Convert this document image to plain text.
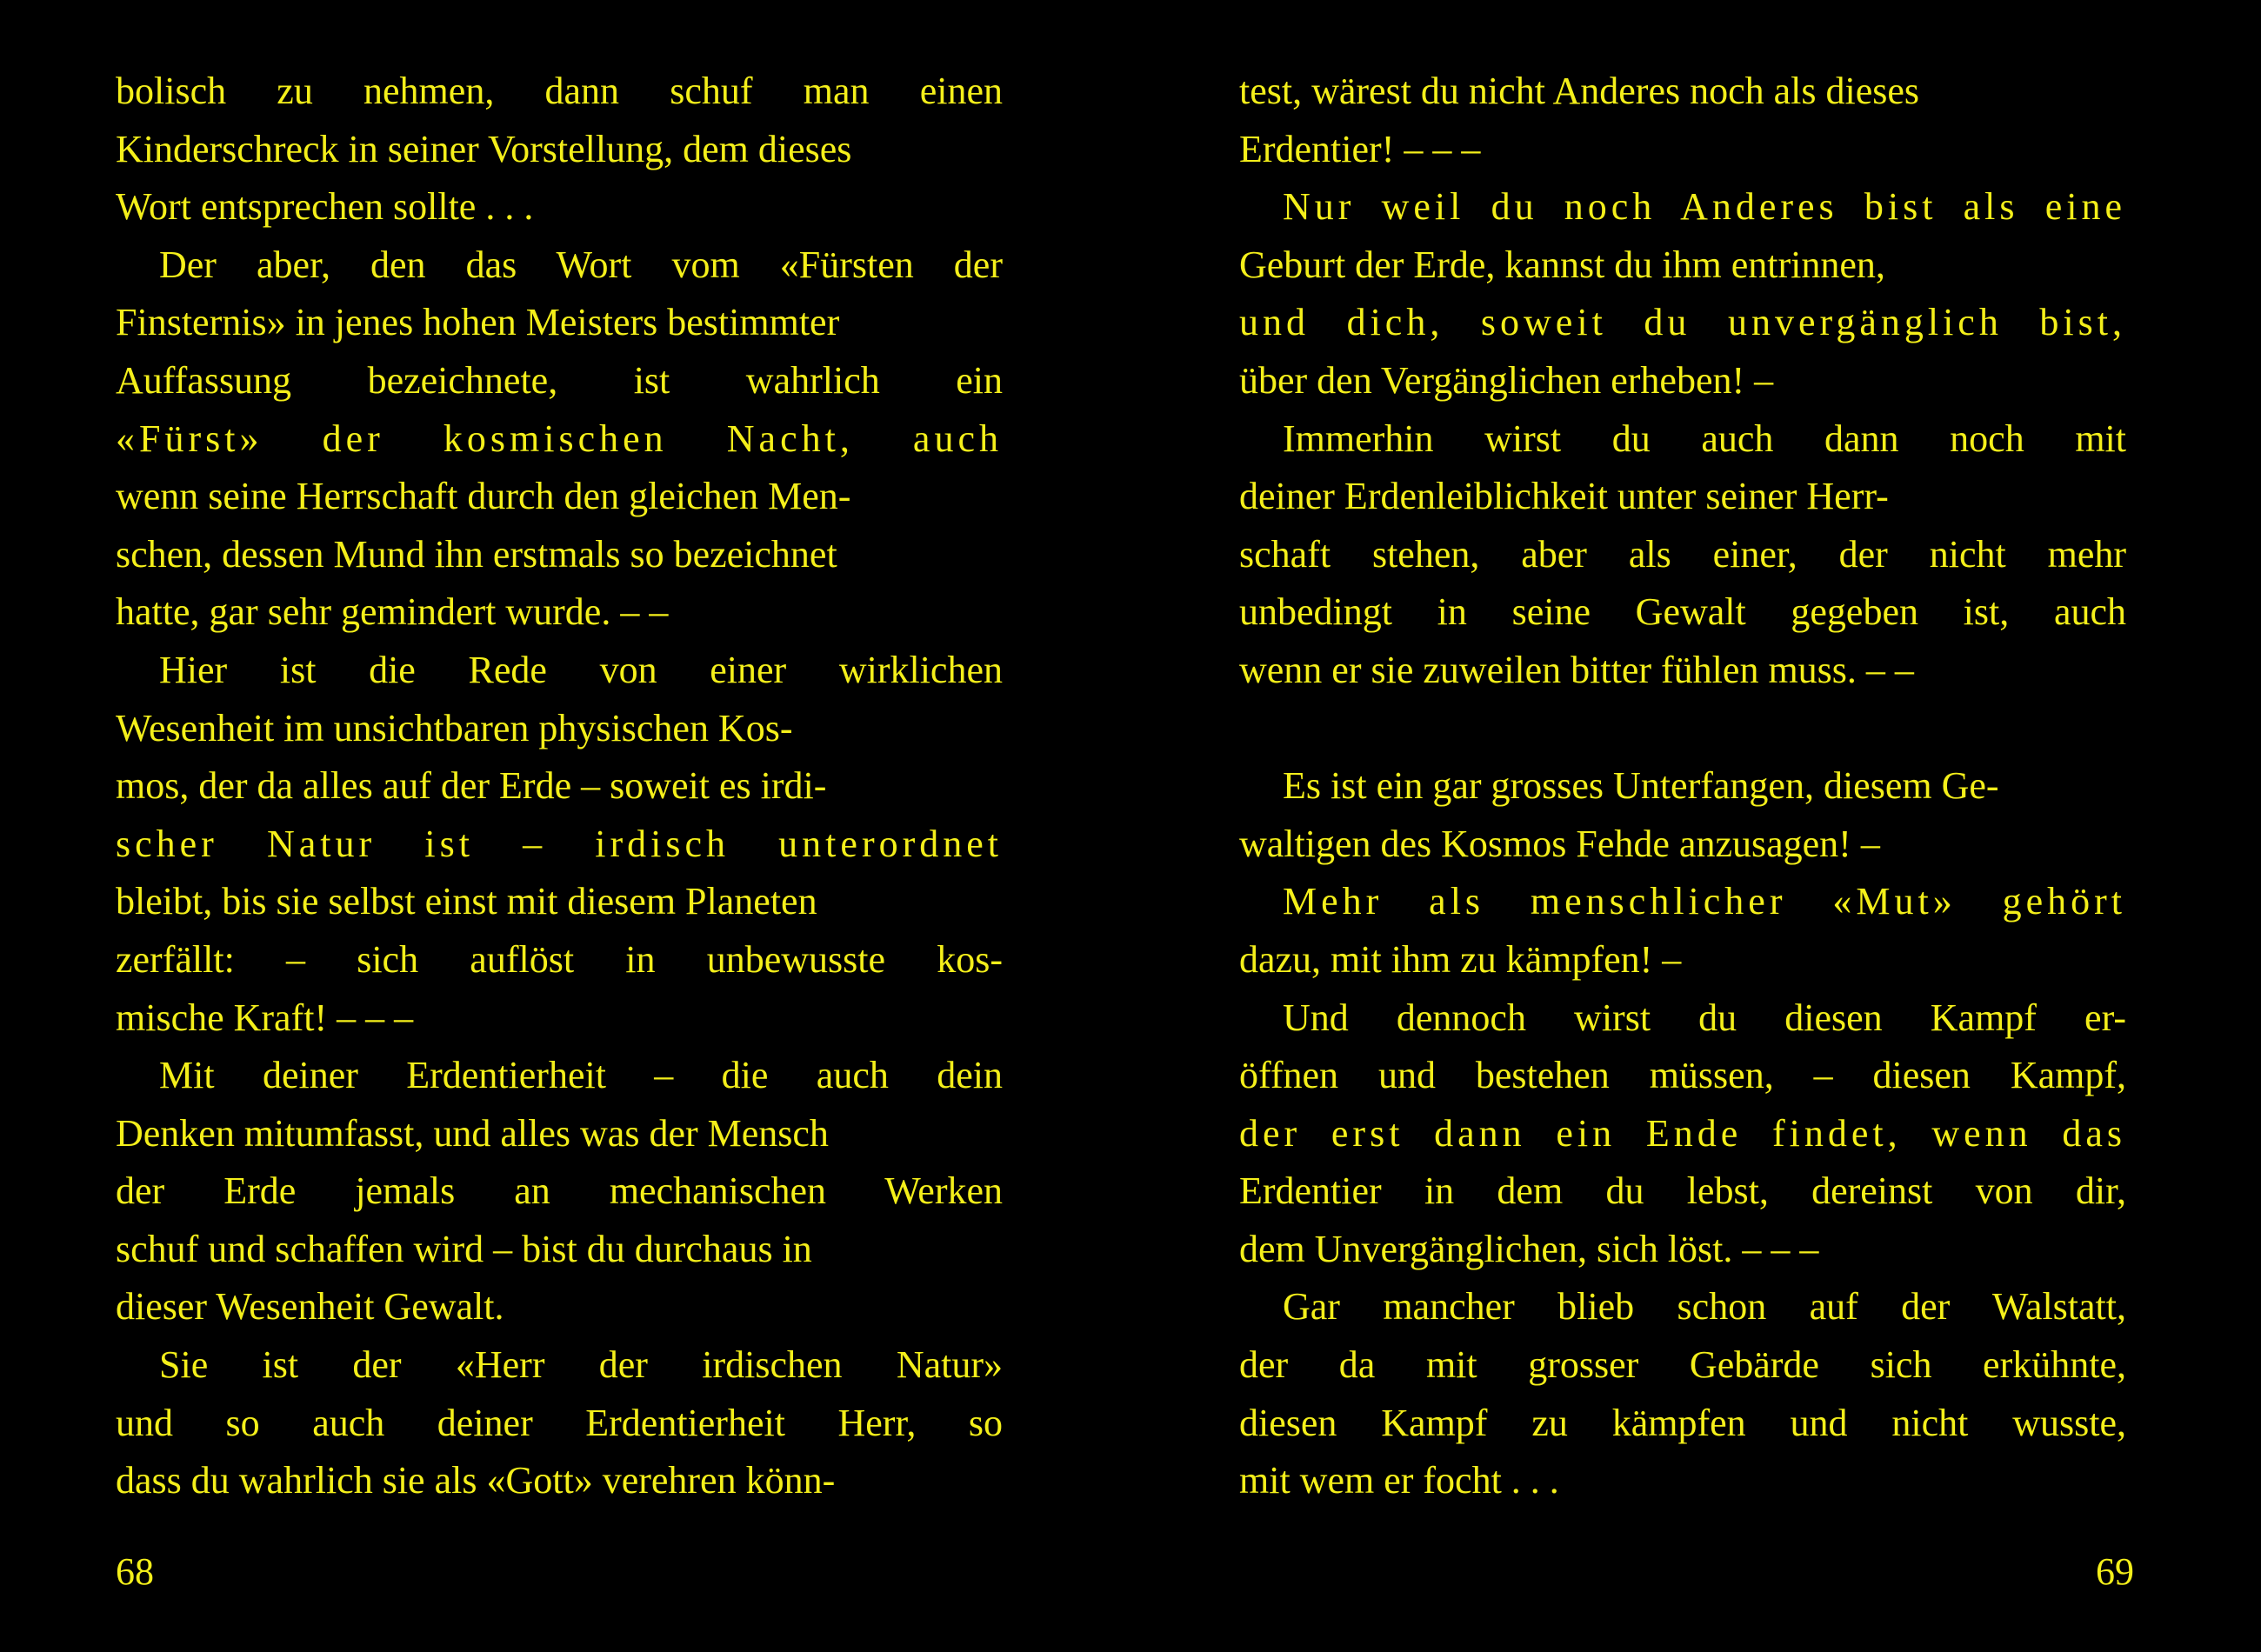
bolisch zu nehmen, dann schuf man einen
Kinderschreck in seiner Vorstellung, dem dieses
Wort entsprechen sollte . . .
Der aber, den das Wort vom «Fürsten der
Finsternis» in jenes hohen Meisters bestimmter
Auffassung bezeichnete, ist wahrlich ein
«Fürst» der kosmischen Nacht, auch
wenn seine Herrschaft durch den gleichen Men-
schen, dessen Mund ihn erstmals so bezeichnet
hatte, gar sehr gemindert wurde. – –
Hier ist die Rede von einer wirklichen
Wesenheit im unsichtbaren physischen Kos-
mos, der da alles auf der Erde – soweit es irdi-
scher Natur ist – irdisch unterordnet
bleibt, bis sie selbst einst mit diesem Planeten
zerfällt: – sich auflöst in unbewusste kos-
mische Kraft! – – –
Mit deiner Erdentierheit – die auch dein
Denken mitumfasst, und alles was der Mensch
der Erde jemals an mechanischen Werken
schuf und schaffen wird – bist du durchaus in
dieser Wesenheit Gewalt.
Sie ist der «Herr der irdischen Natur»
und so auch deiner Erdentierheit Herr, so
dass du wahrlich sie als «Gott» verehren könn-
test, wärest du nicht Anderes noch als dieses
Erdentier! – – –
Nur weil du noch Anderes bist als eine
Geburt der Erde, kannst du ihm entrinnen,
und dich, soweit du unvergänglich bist,
über den Vergänglichen erheben! –
Immerhin wirst du auch dann noch mit
deiner Erdenleiblichkeit unter seiner Herr-
schaft stehen, aber als einer, der nicht mehr
unbedingt in seine Gewalt gegeben ist, auch
wenn er sie zuweilen bitter fühlen muss. – –
Es ist ein gar grosses Unterfangen, diesem Ge-
waltigen des Kosmos Fehde anzusagen! –
Mehr als menschlicher «Mut» gehört
dazu, mit ihm zu kämpfen! –
Und dennoch wirst du diesen Kampf er-
öffnen und bestehen müssen, – diesen Kampf,
der erst dann ein Ende findet, wenn das
Erdentier in dem du lebst, dereinst von dir,
dem Unvergänglichen, sich löst. – – –
Gar mancher blieb schon auf der Walstatt,
der da mit grosser Gebärde sich erkühnte,
diesen Kampf zu kämpfen und nicht wusste,
mit wem er focht . . .
68	69
